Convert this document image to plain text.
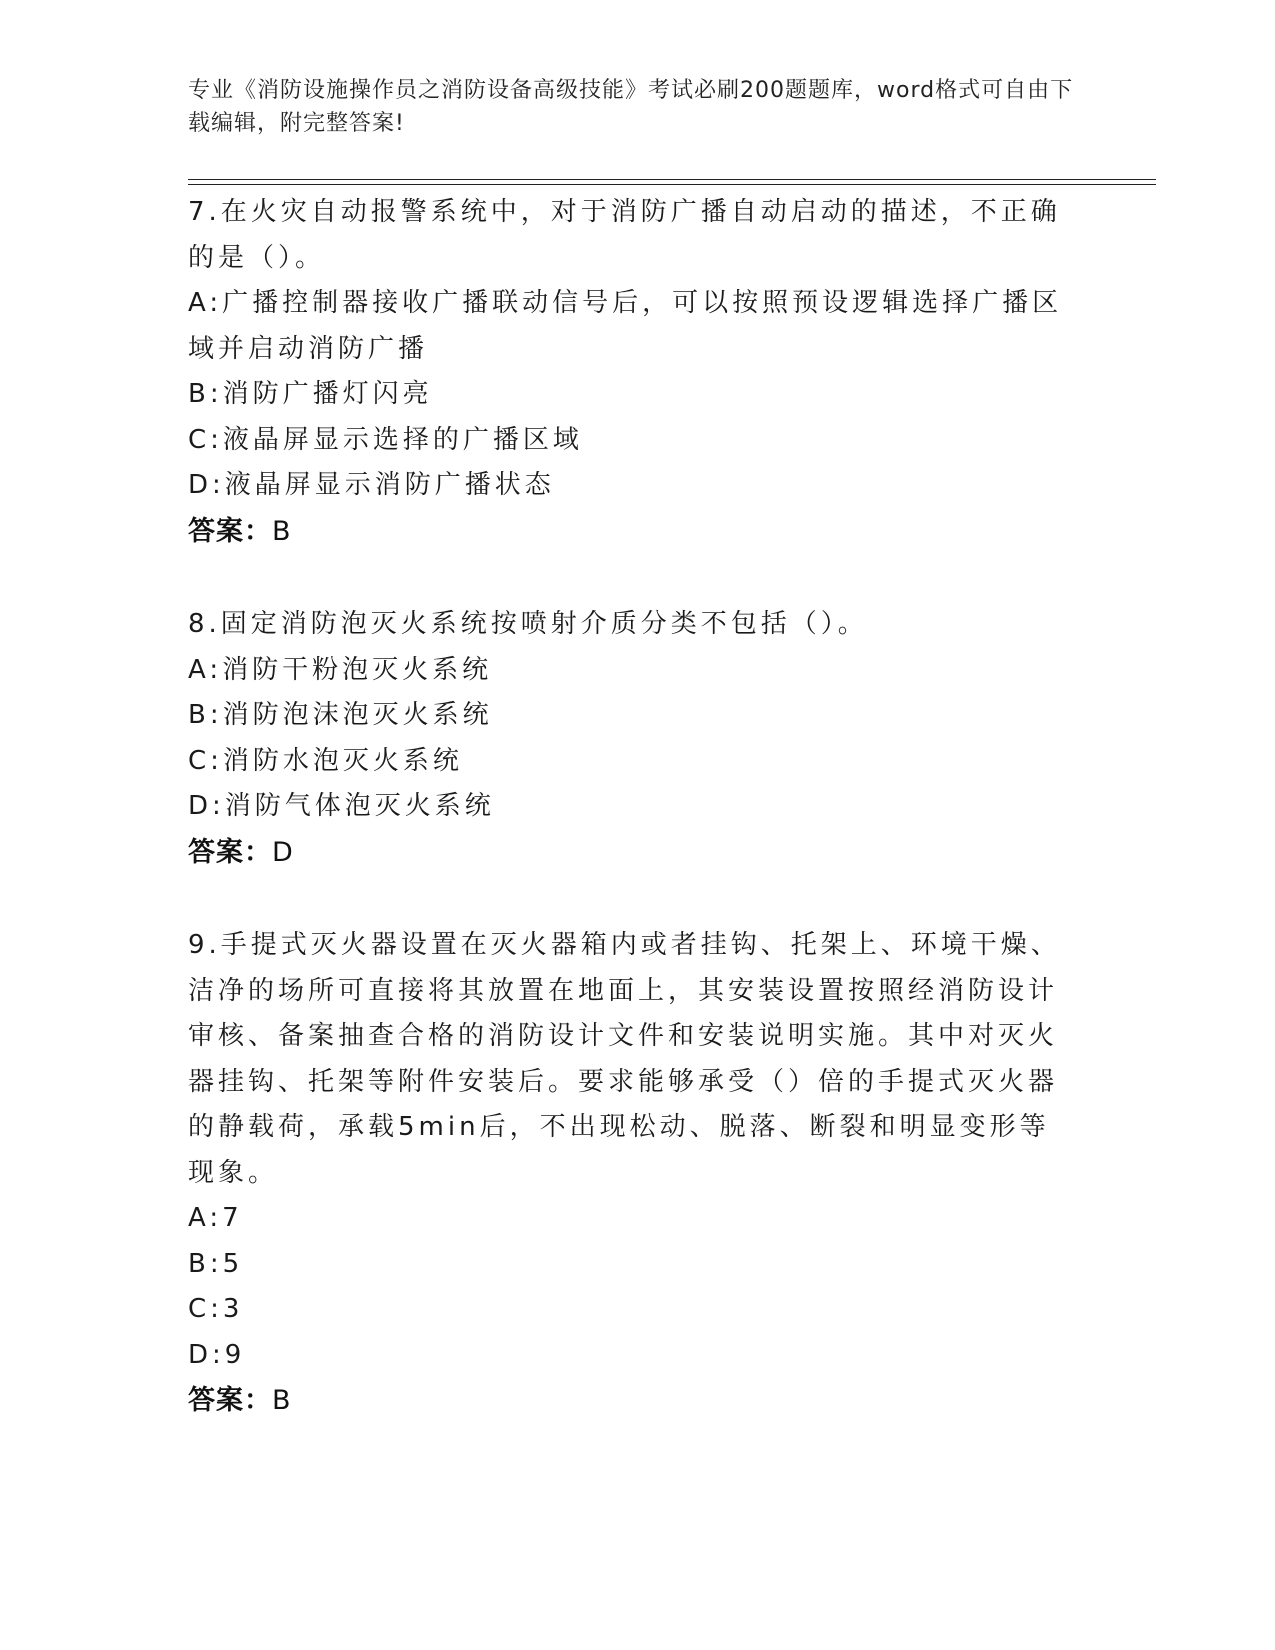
专业《消防设施操作员之消防设备高级技能》考试必刷200题题库，word格式可自由下载编辑，附完整答案!
7.在火灾自动报警系统中，对于消防广播自动启动的描述，不正确的是（）。
A:广播控制器接收广播联动信号后，可以按照预设逻辑选择广播区域并启动消防广播
B:消防广播灯闪亮
C:液晶屏显示选择的广播区域
D:液晶屏显示消防广播状态
答案：B
8.固定消防泡灭火系统按喷射介质分类不包括（）。
A:消防干粉泡灭火系统
B:消防泡沫泡灭火系统
C:消防水泡灭火系统
D:消防气体泡灭火系统
答案：D
9.手提式灭火器设置在灭火器箱内或者挂钩、托架上、环境干燥、洁净的场所可直接将其放置在地面上，其安装设置按照经消防设计审核、备案抽查合格的消防设计文件和安装说明实施。其中对灭火器挂钩、托架等附件安装后。要求能够承受（）倍的手提式灭火器的静载荷，承载5min后，不出现松动、脱落、断裂和明显变形等现象。
A:7
B:5
C:3
D:9
答案：B
